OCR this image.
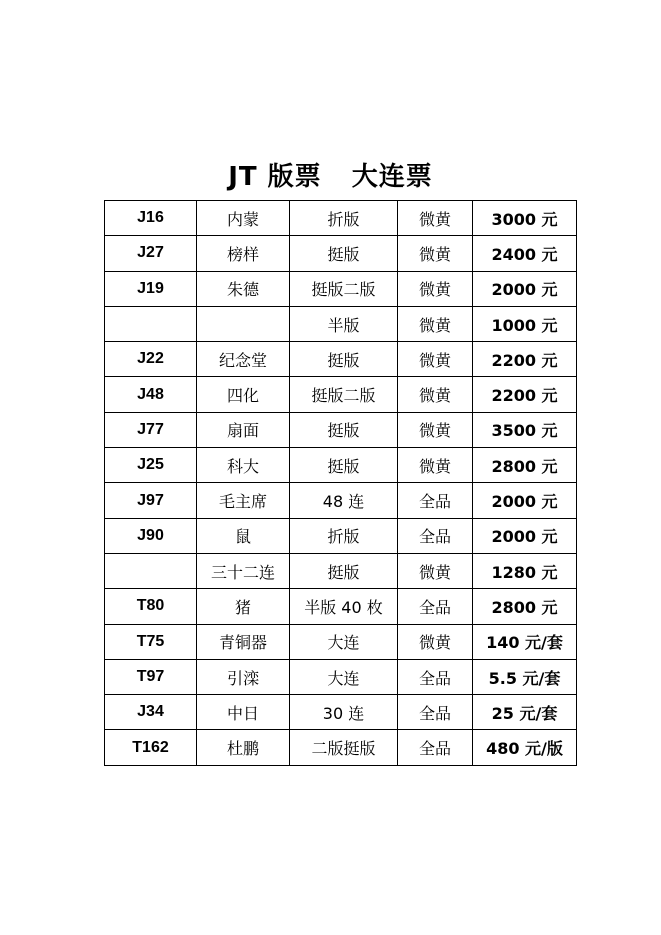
JT 版票   大连票
J16	内蒙	折版	微黄	3000 元
J27	榜样	挺版	微黄	2400 元
J19	朱德	挺版二版	微黄	2000 元
		半版	微黄	1000 元
J22	纪念堂	挺版	微黄	2200 元
J48	四化	挺版二版	微黄	2200 元
J77	扇面	挺版	微黄	3500 元
J25	科大	挺版	微黄	2800 元
J97	毛主席	48 连	全品	2000 元
J90	鼠	折版	全品	2000 元
	三十二连	挺版	微黄	1280 元
T80	猪	半版 40 枚	全品	2800 元
T75	青铜器	大连	微黄	140 元/套
T97	引滦	大连	全品	5.5 元/套
J34	中日	30 连	全品	25 元/套
T162	杜鹏	二版挺版	全品	480 元/版
